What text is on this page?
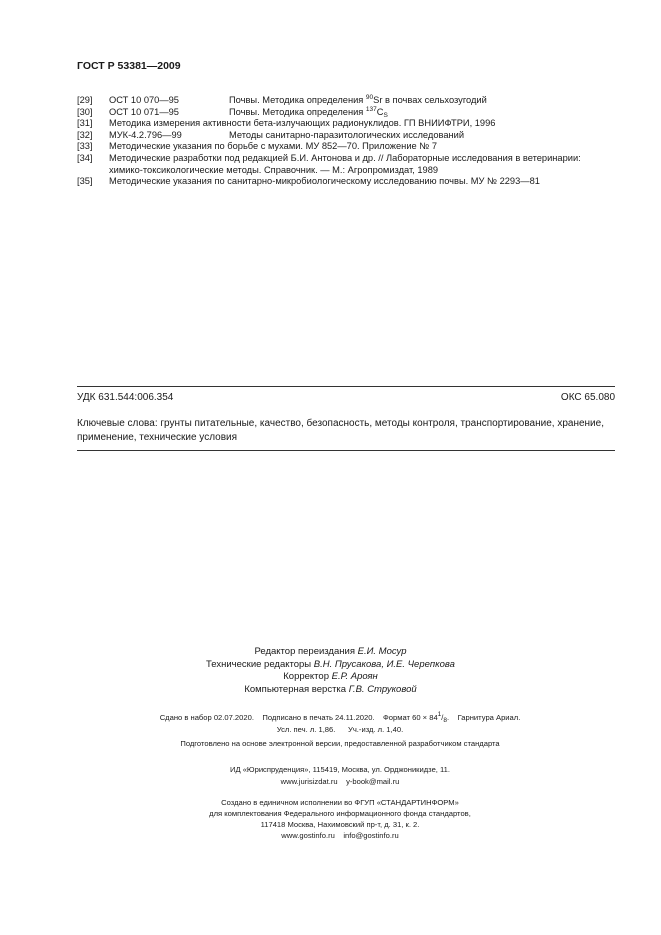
ГОСТ Р 53381—2009
[29] ОСТ 10 070—95	Почвы. Методика определения $^{90}$Sr в почвах сельхозугодий
[30] ОСТ 10 071—95	Почвы. Методика определения $^{137}C_S$
[31] Методика измерения активности бета-излучающих радионуклидов. ГП ВНИИФТРИ, 1996
[32] МУК-4.2.796—99	Методы санитарно-паразитологических исследований
[33] Методические указания по борьбе с мухами. МУ 852—70. Приложение № 7
[34] Методические разработки под редакцией Б.И. Антонова и др. // Лабораторные исследования в ветеринарии: химико-токсикологические методы. Справочник. — М.: Агропромиздат, 1989
[35] Методические указания по санитарно-микробиологическому исследованию почвы. МУ № 2293—81
УДК 631.544:006.354	ОКС 65.080
Ключевые слова: грунты питательные, качество, безопасность, методы контроля, транспортирование, хранение, применение, технические условия
Редактор переиздания Е.И. Мосур
Технические редакторы В.Н. Прусакова, И.Е. Черепкова
Корректор Е.Р. Ароян
Компьютерная верстка Г.В. Струковой
Сдано в набор 02.07.2020. Подписано в печать 24.11.2020. Формат $60 \times 84^1/_8$.    Гарнитура Ариал.
Усл. печ. л. 1,86. Уч.-изд. л. 1,40.
Подготовлено на основе электронной версии, предоставленной разработчиком стандарта
ИД «Юриспруденция», 115419, Москва, ул. Орджоникидзе, 11.
www.jurisizdat.ru y-book@mail.ru
Создано в единичном исполнении во ФГУП «СТАНДАРТИНФОРМ»
для комплектования Федерального информационного фонда стандартов,
117418 Москва, Нахимовский пр-т, д. 31, к. 2.
www.gostinfo.ru info@gostinfo.ru
